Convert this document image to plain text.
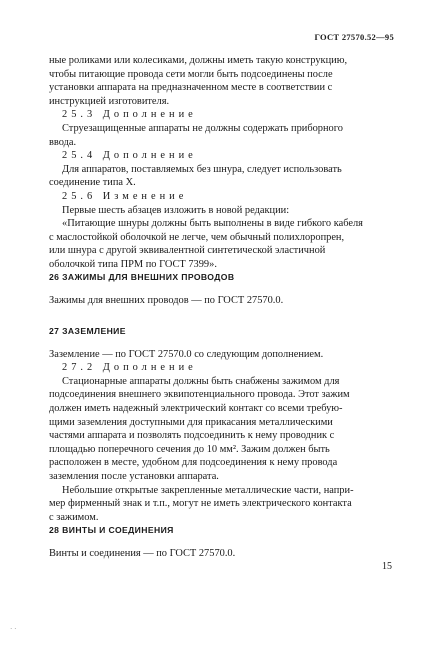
ГОСТ 27570.52—95

ные роликами или колесиками, должны иметь такую конструкцию,

чтобы питающие провода сети могли быть подсоединены после

установки аппарата на предназначенном месте в соответствии с

инструкцией изготовителя.

25.3 Дополнение

Струезащищенные аппараты не должны содержать приборного

ввода.

25.4 Дополнение

Для аппаратов, поставляемых без шнура, следует использовать

соединение типа X.

25.6 Изменение

Первые шесть абзацев изложить в новой редакции:

«Питающие шнуры должны быть выполнены в виде гибкого кабеля

с маслостойкой оболочкой не легче, чем обычный полихлоропрен,

или шнура с другой эквивалентной синтетической эластичной

оболочкой типа ПРМ по ГОСТ 7399».

26 ЗАЖИМЫ ДЛЯ ВНЕШНИХ ПРОВОДОВ

Зажимы для внешних проводов — по ГОСТ 27570.0.

27 ЗАЗЕМЛЕНИЕ

Заземление — по ГОСТ 27570.0 со следующим дополнением.

27.2 Дополнение

Стационарные аппараты должны быть снабжены зажимом для

подсоединения внешнего эквипотенциального провода. Этот зажим

должен иметь надежный электрический контакт со всеми требую-

щими заземления доступными для прикасания металлическими

частями аппарата и позволять подсоединить к нему проводник с

площадью поперечного сечения до 10 мм². Зажим должен быть

расположен в месте, удобном для подсоединения к нему провода

заземления после установки аппарата.

Небольшие открытые закрепленные металлические части, напри-

мер фирменный знак и т.п., могут не иметь электрического контакта

с зажимом.

28 ВИНТЫ И СОЕДИНЕНИЯ

Винты и соединения — по ГОСТ 27570.0.

15
· ·
